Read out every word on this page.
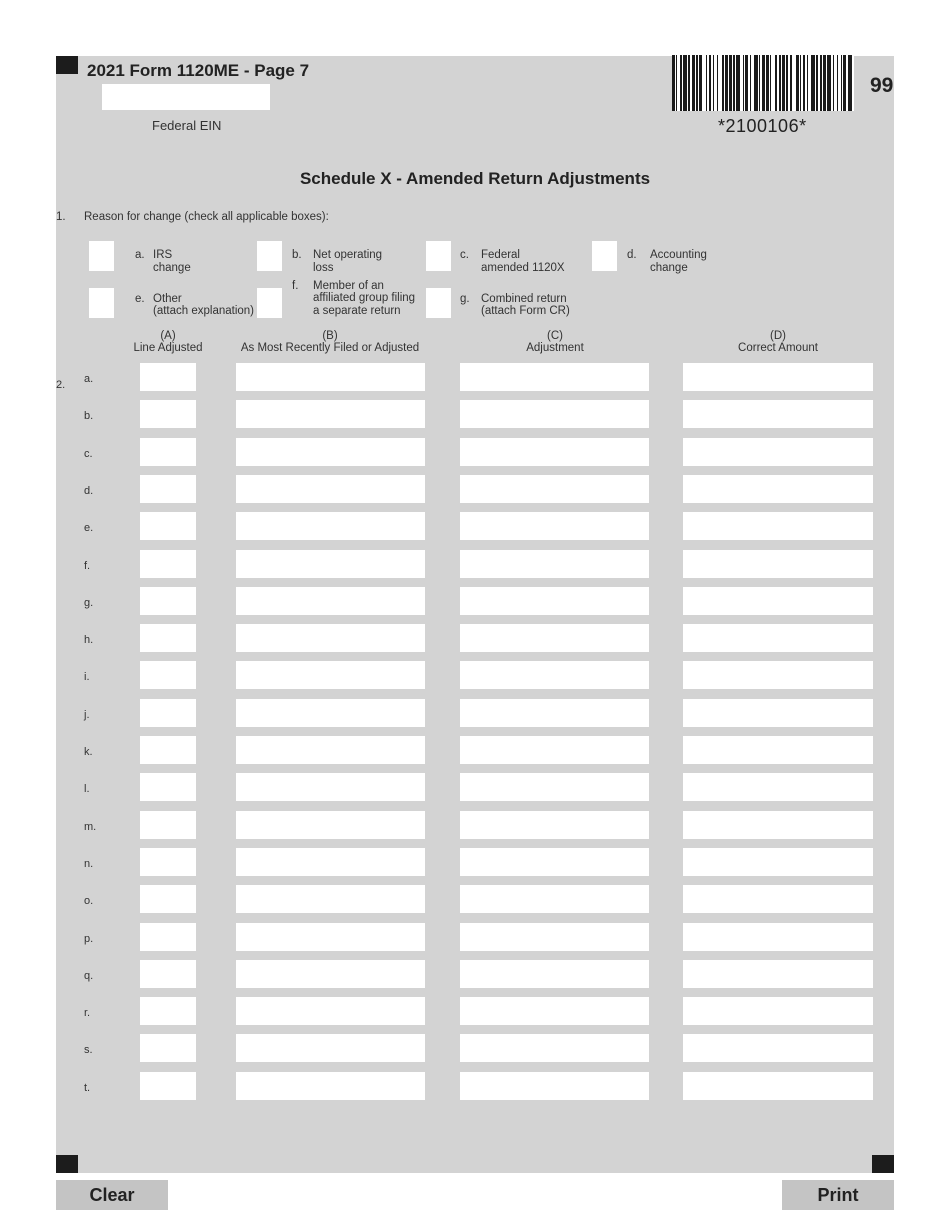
2021 Form 1120ME - Page 7
Federal EIN	*2100106*
99
Schedule X - Amended Return Adjustments
1. Reason for change (check all applicable boxes):
a. IRS
change
b. Net operating
loss
c. Federal
amended 1120X
d. Accounting
change
e. Other
(attach explanation)
f. Member of an
affiliated group filing
a separate return
g. Combined return
(attach Form CR)
(A)
Line Adjusted
(B)
As Most Recently Filed or Adjusted
(C)
Adjustment
(D)
Correct Amount
2. a.
b.
c.
d.
e.
f.
g.
h.
i.
j.
k.
l.
m.
n.
o.
p.
q.
r.
s.
t.
Clear	Print
